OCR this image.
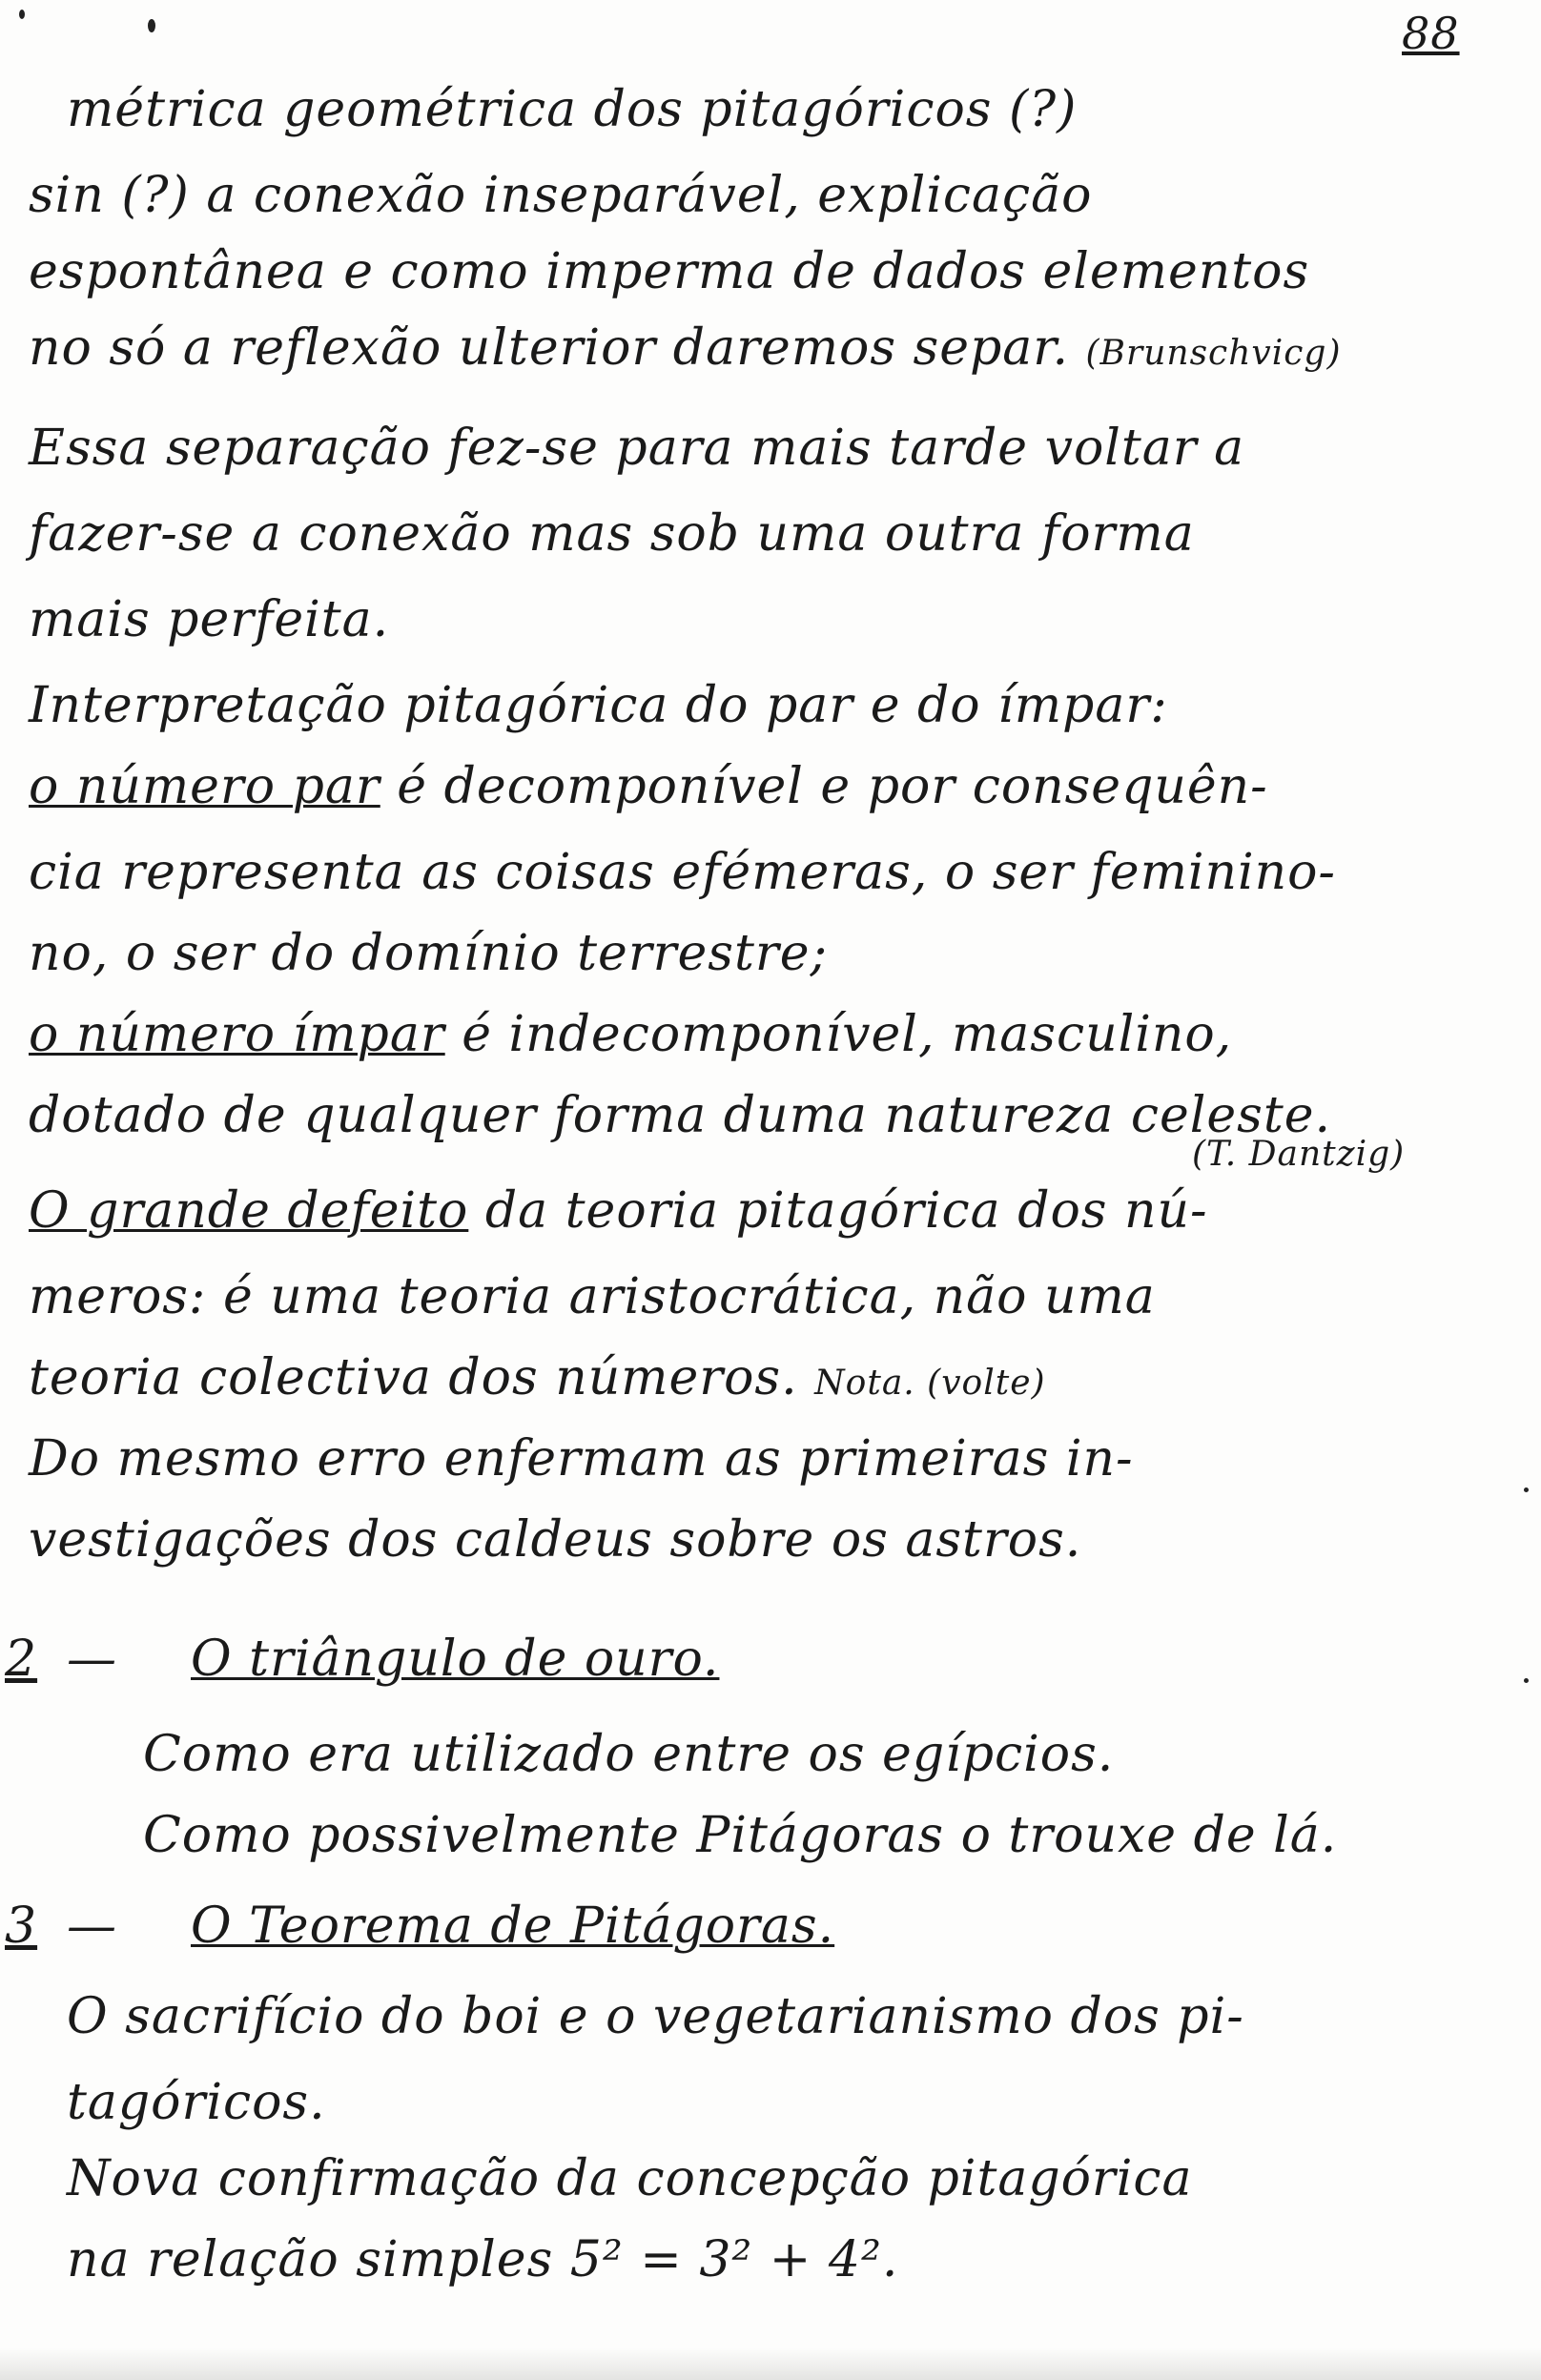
88
métrica geométrica dos pitagóricos (?)
sin (?) a conexão inseparável, explicação
espontânea e como imperma de dados elementos
no só a reflexão ulterior daremos separ. (Brunschvicg)
Essa separação fez-se para mais tarde voltar a
fazer-se a conexão mas sob uma outra forma
mais perfeita.
Interpretação pitagórica do par e do ímpar:
o número par é decomponível e por consequên-
cia representa as coisas efémeras, o ser feminino-
no, o ser do domínio terrestre;
o número ímpar é indecomponível, masculino,
dotado de qualquer forma duma natureza celeste.
(T. Dantzig)
O grande defeito da teoria pitagórica dos nú-
meros: é uma teoria aristocrática, não uma
teoria colectiva dos números. Nota. (volte)
Do mesmo erro enfermam as primeiras in-
vestigações dos caldeus sobre os astros.
2 — O triângulo de ouro.
Como era utilizado entre os egípcios.
Como possivelmente Pitágoras o trouxe de lá.
3 — O Teorema de Pitágoras.
O sacrifício do boi e o vegetarianismo dos pi-
tagóricos.
Nova confirmação da concepção pitagórica
na relação simples 5² = 3² + 4².
